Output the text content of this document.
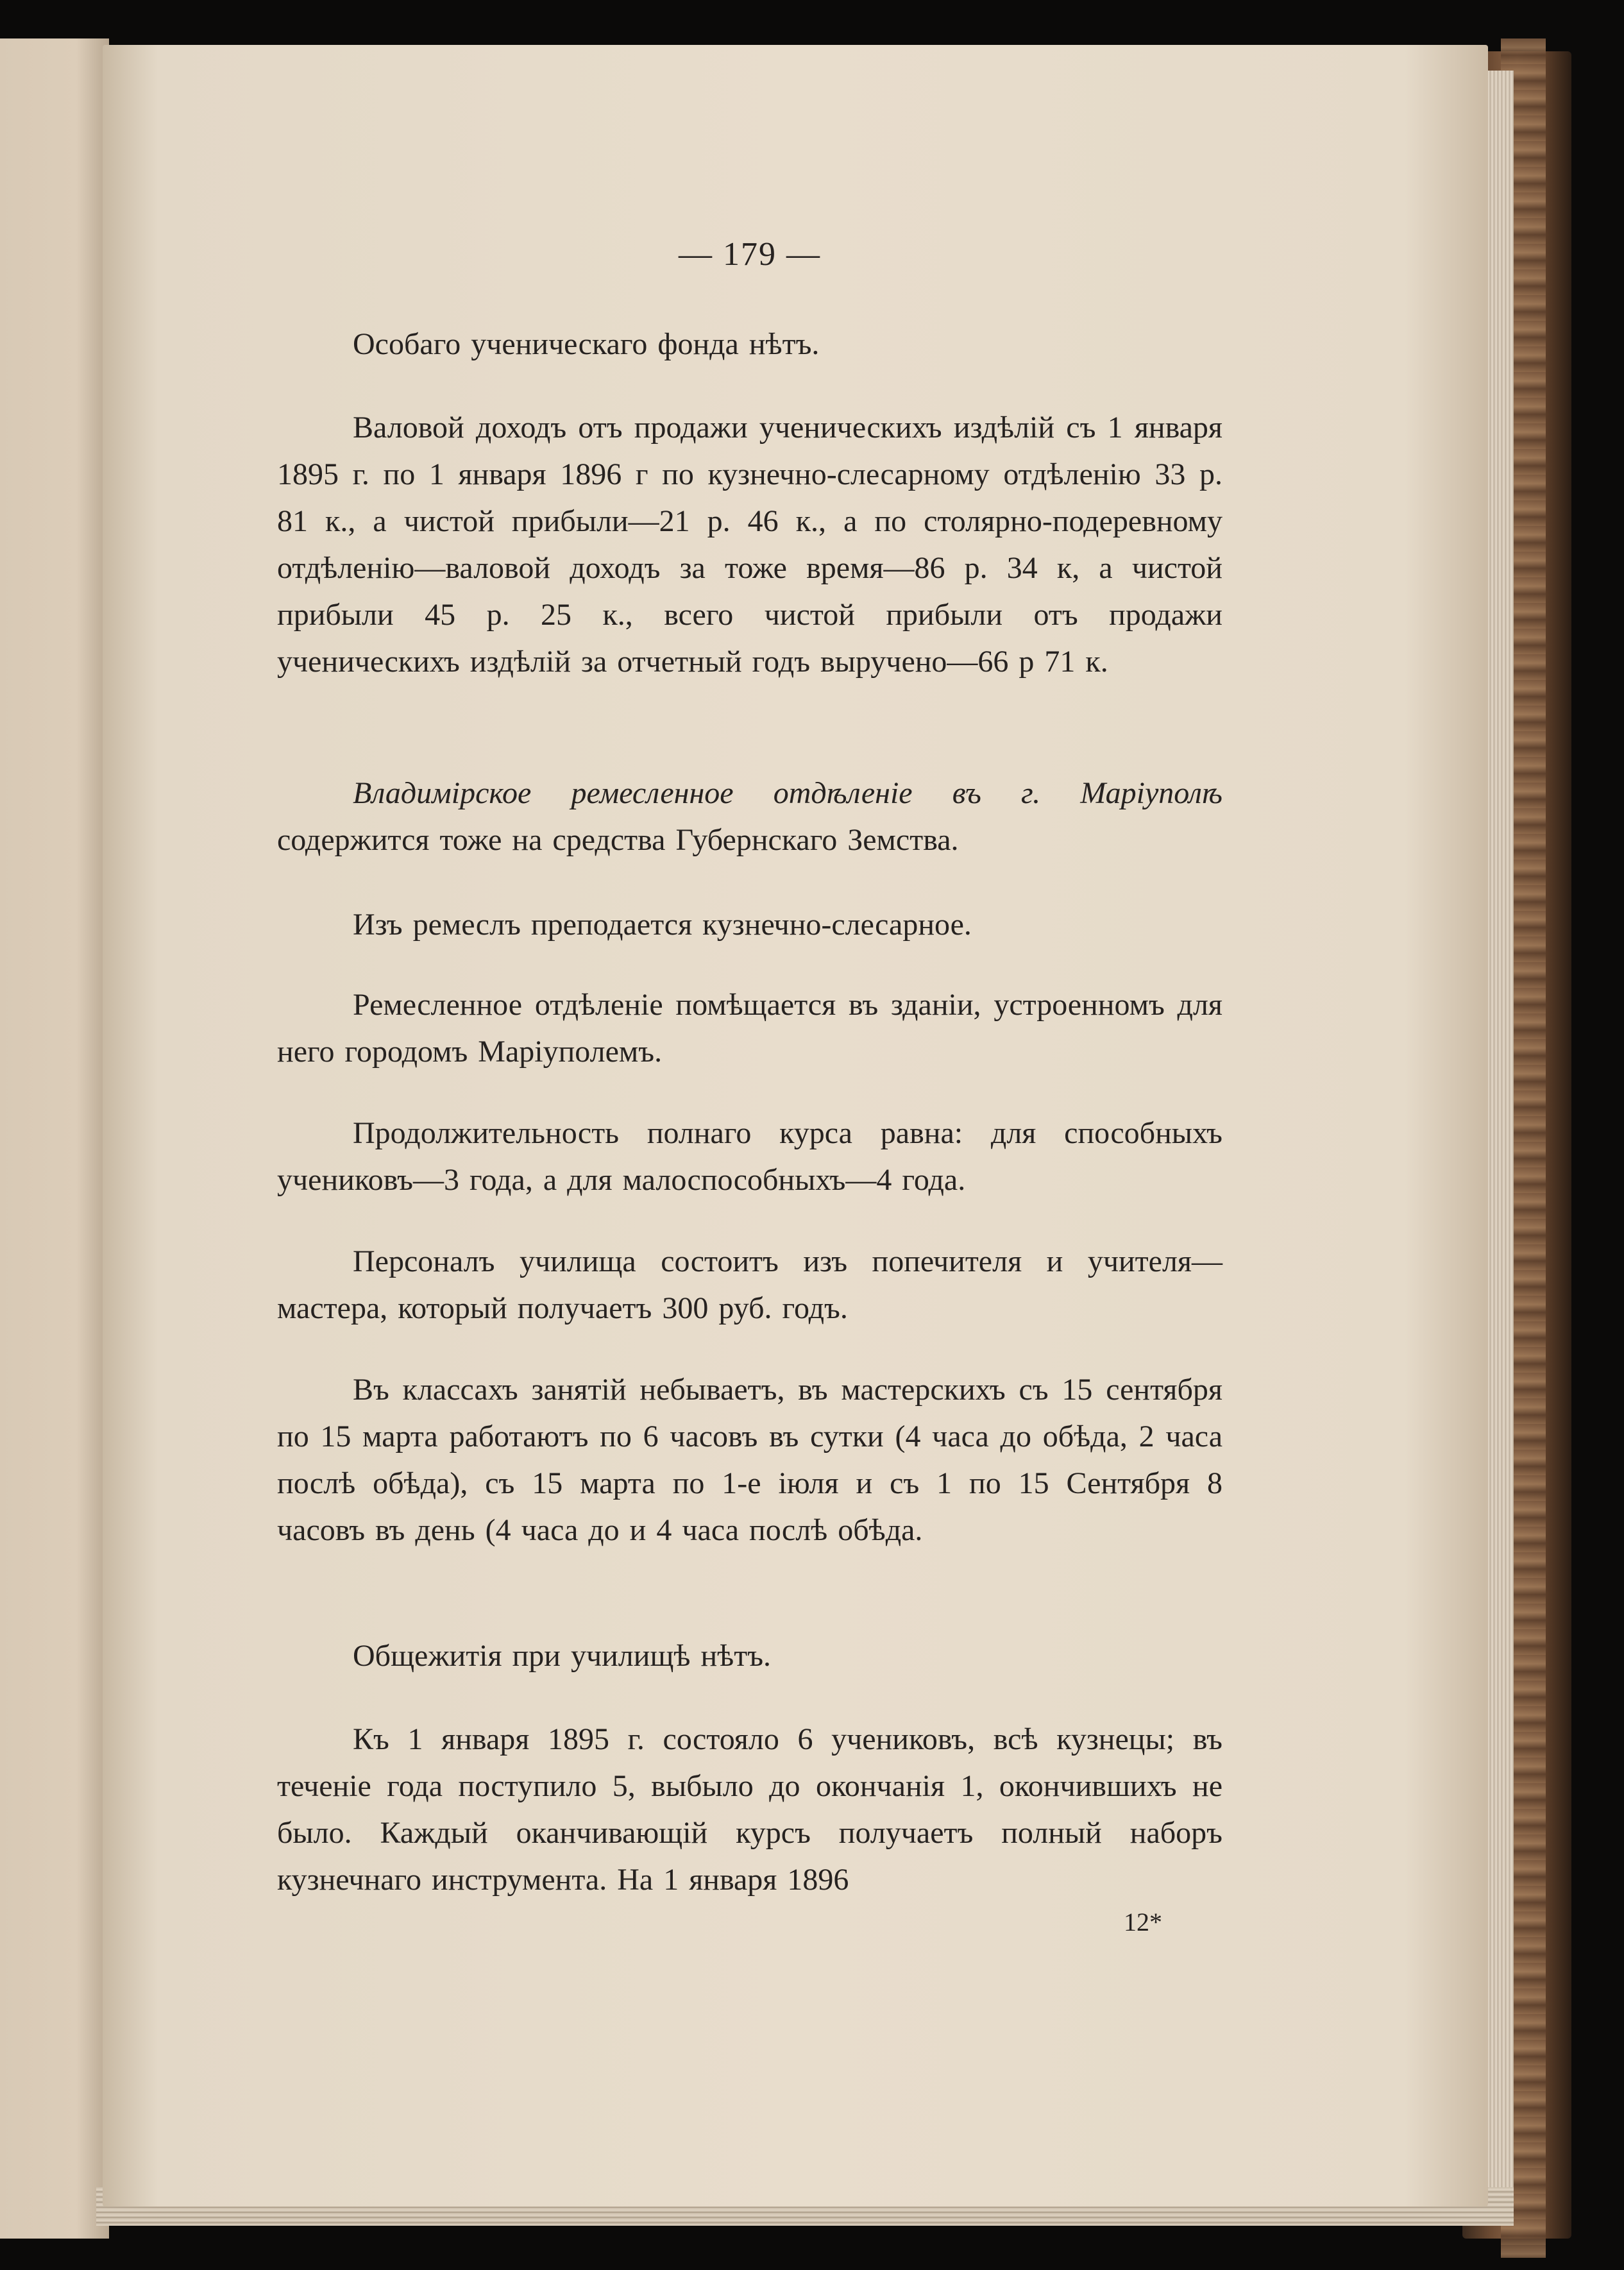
— 179 —
Особаго ученическаго фонда нѣтъ.
Валовой доходъ отъ продажи ученическихъ издѣлій съ 1 января 1895 г. по 1 января 1896 г по кузнечно-слесарному отдѣленію 33 р. 81 к., а чистой прибыли—21 р. 46 к., а по столярно-подеревному отдѣленію—валовой доходъ за тоже время—86 р. 34 к, а чистой прибыли 45 р. 25 к., всего чистой прибыли отъ продажи ученическихъ издѣлій за отчетный годъ выручено—66 р 71 к.
Владимірское ремесленное отдѣленіе въ г. Маріуполѣ содержится тоже на средства Губернскаго Земства.
Изъ ремеслъ преподается кузнечно-слесарное.
Ремесленное отдѣленіе помѣщается въ зданіи, устроенномъ для него городомъ Маріуполемъ.
Продолжительность полнаго курса равна: для способныхъ учениковъ—3 года, а для малоспособныхъ—4 года.
Персоналъ училища состоитъ изъ попечителя и учителя—мастера, который получаетъ 300 руб. годъ.
Въ классахъ занятій небываетъ, въ мастерскихъ съ 15 сентября по 15 марта работаютъ по 6 часовъ въ сутки (4 часа до обѣда, 2 часа послѣ обѣда), съ 15 марта по 1-е іюля и съ 1 по 15 Сентября 8 часовъ въ день (4 часа до и 4 часа послѣ обѣда.
Общежитія при училищѣ нѣтъ.
Къ 1 января 1895 г. состояло 6 учениковъ, всѣ кузнецы; въ теченіе года поступило 5, выбыло до окончанія 1, окончившихъ не было. Каждый оканчивающій курсъ получаетъ полный наборъ кузнечнаго инструмента. На 1 января 1896
12*
